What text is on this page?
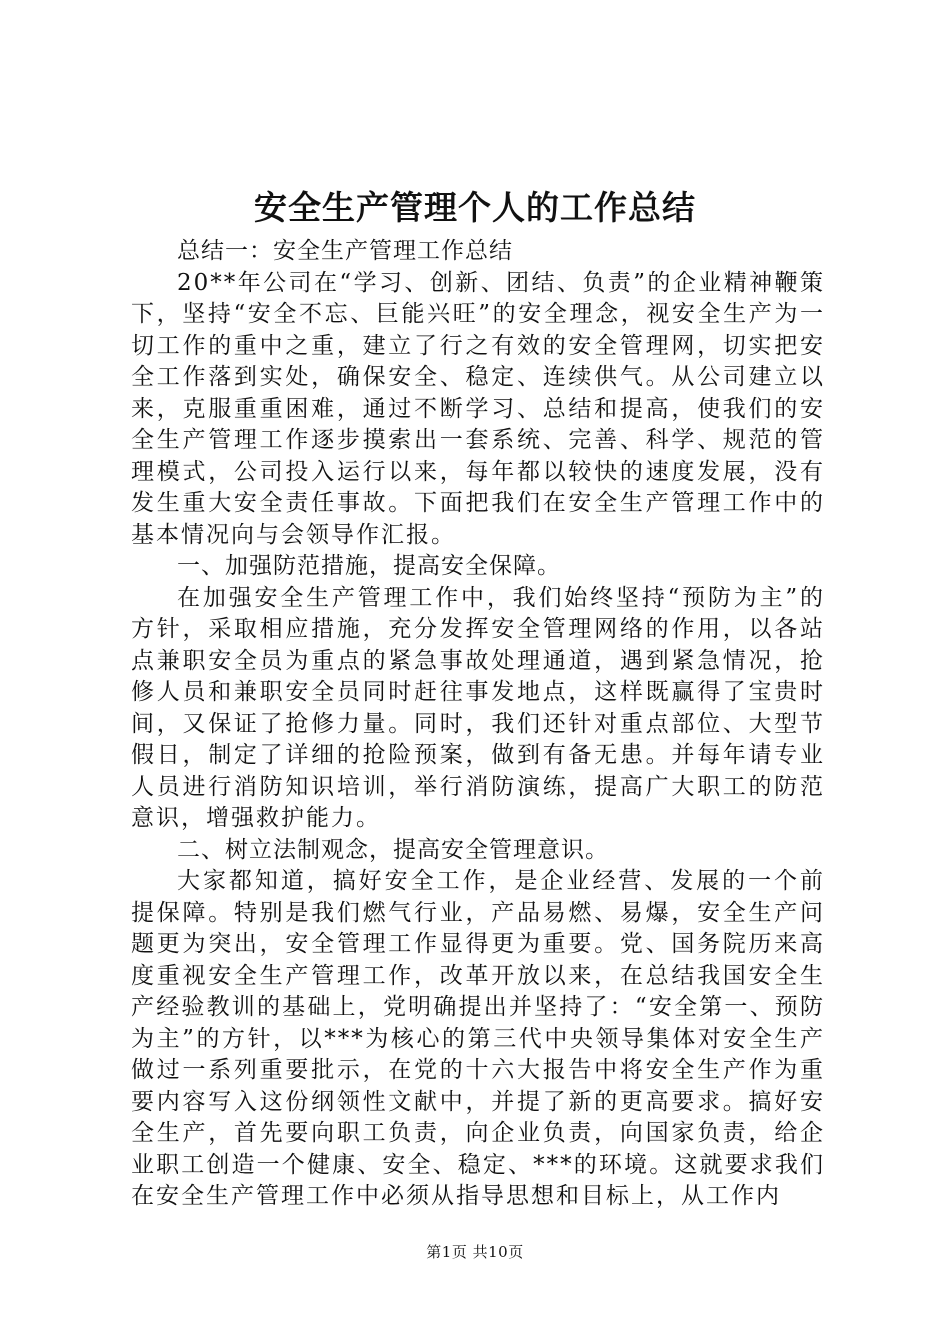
安全生产管理个人的工作总结

总结一：安全生产管理工作总结

20**年公司在“学习、创新、团结、负责”的企业精神鞭策下，坚持“安全不忘、巨能兴旺”的安全理念，视安全生产为一切工作的重中之重，建立了行之有效的安全管理网，切实把安全工作落到实处，确保安全、稳定、连续供气。从公司建立以来，克服重重困难，通过不断学习、总结和提高，使我们的安全生产管理工作逐步摸索出一套系统、完善、科学、规范的管理模式，公司投入运行以来，每年都以较快的速度发展，没有发生重大安全责任事故。下面把我们在安全生产管理工作中的基本情况向与会领导作汇报。

一、加强防范措施，提高安全保障。

在加强安全生产管理工作中，我们始终坚持“预防为主”的方针，采取相应措施，充分发挥安全管理网络的作用，以各站点兼职安全员为重点的紧急事故处理通道，遇到紧急情况，抢修人员和兼职安全员同时赶往事发地点，这样既赢得了宝贵时间，又保证了抢修力量。同时，我们还针对重点部位、大型节假日，制定了详细的抢险预案，做到有备无患。并每年请专业人员进行消防知识培训，举行消防演练，提高广大职工的防范意识，增强救护能力。

二、树立法制观念，提高安全管理意识。

大家都知道，搞好安全工作，是企业经营、发展的一个前提保障。特别是我们燃气行业，产品易燃、易爆，安全生产问题更为突出，安全管理工作显得更为重要。党、国务院历来高度重视安全生产管理工作，改革开放以来，在总结我国安全生产经验教训的基础上，党明确提出并坚持了：“安全第一、预防为主”的方针，以***为核心的第三代中央领导集体对安全生产做过一系列重要批示，在党的十六大报告中将安全生产作为重要内容写入这份纲领性文献中，并提了新的更高要求。搞好安全生产，首先要向职工负责，向企业负责，向国家负责，给企业职工创造一个健康、安全、稳定、***的环境。这就要求我们在安全生产管理工作中必须从指导思想和目标上，从工作内

第1页 共10页
